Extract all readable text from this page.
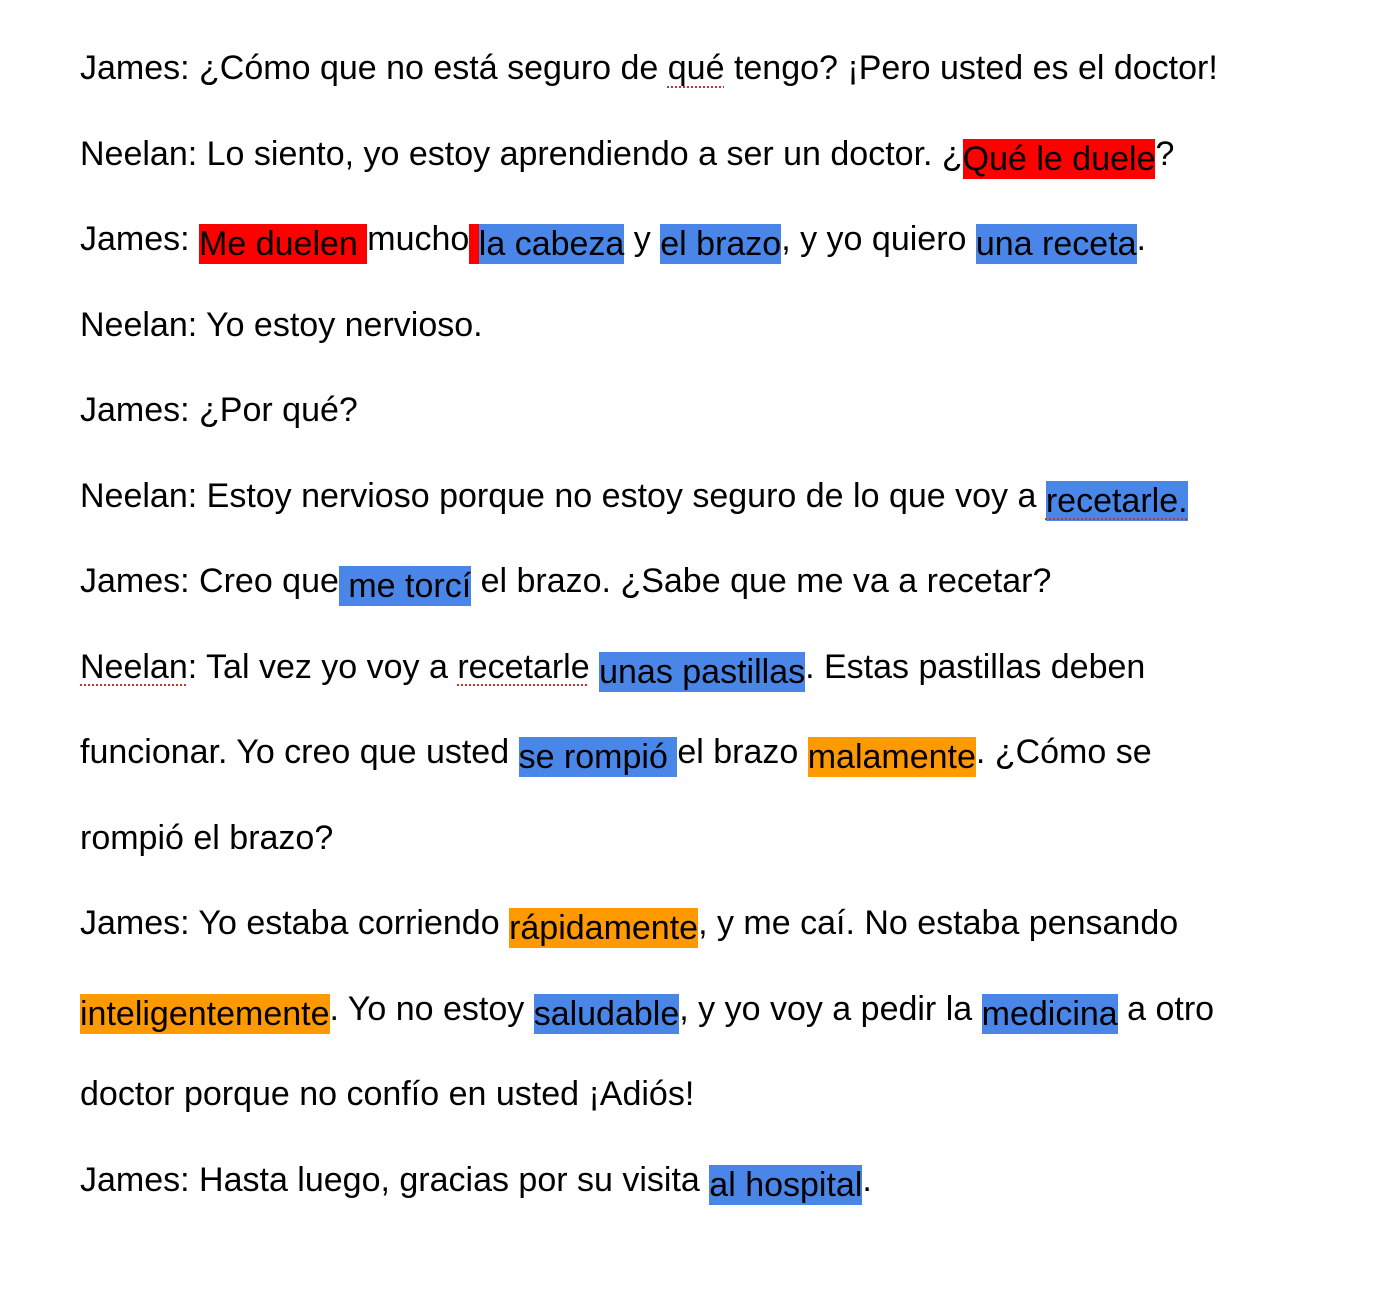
James: ¿Cómo que no está seguro de qué tengo? ¡Pero usted es el doctor!
Neelan: Lo siento, yo estoy aprendiendo a ser un doctor. ¿Qué le duele?
James: Me duelen mucho la cabeza y el brazo, y yo quiero una receta.
Neelan: Yo estoy nervioso.
James: ¿Por qué?
Neelan: Estoy nervioso porque no estoy seguro de lo que voy a recetarle.
James: Creo que me torcí el brazo. ¿Sabe que me va a recetar?
Neelan: Tal vez yo voy a recetarle unas pastillas. Estas pastillas deben
funcionar. Yo creo que usted se rompió el brazo malamente. ¿Cómo se
rompió el brazo?
James: Yo estaba corriendo rápidamente, y me caí. No estaba pensando
inteligentemente. Yo no estoy saludable, y yo voy a pedir la medicina a otro
doctor porque no confío en usted ¡Adiós!
James: Hasta luego, gracias por su visita al hospital.
